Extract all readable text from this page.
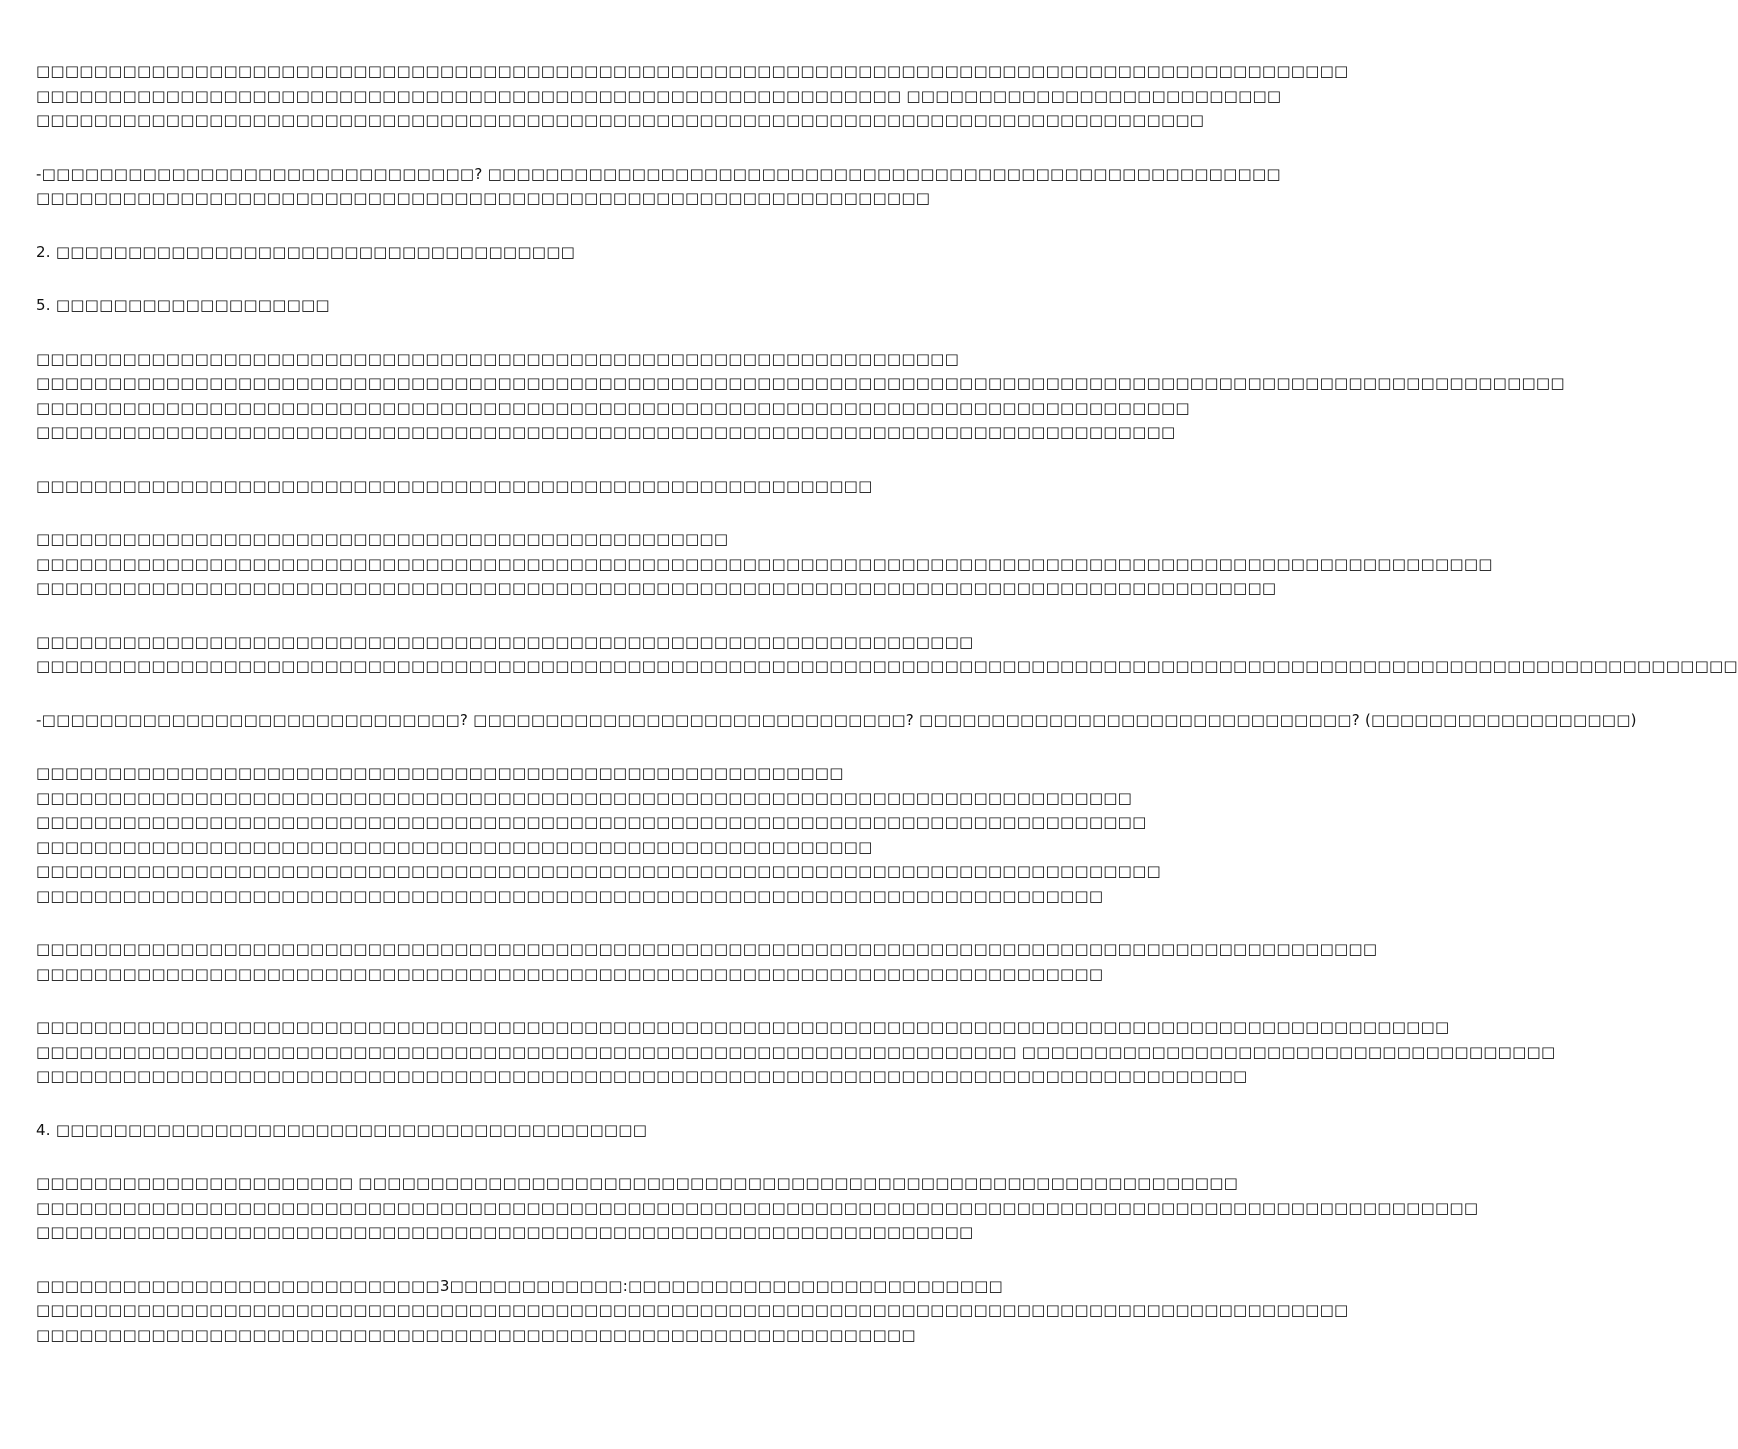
□□□□□□□□□□□□□□□□□□□□□□□□□□□□□□□□□□□□□□□□□□□□□□□□□□□□□□□□□□□□□□□□□□□□□□□□□□□□□□□□□□□□□□□□□□□
□□□□□□□□□□□□□□□□□□□□□□□□□□□□□□□□□□□□□□□□□□□□□□□□□□□□□□□□□□□□ □□□□□□□□□□□□□□□□□□□□□□□□□□
□□□□□□□□□□□□□□□□□□□□□□□□□□□□□□□□□□□□□□□□□□□□□□□□□□□□□□□□□□□□□□□□□□□□□□□□□□□□□□□□□
-□□□□□□□□□□□□□□□□□□□□□□□□□□□□□□? □□□□□□□□□□□□□□□□□□□□□□□□□□□□□□□□□□□□□□□□□□□□□□□□□□□□□□□
□□□□□□□□□□□□□□□□□□□□□□□□□□□□□□□□□□□□□□□□□□□□□□□□□□□□□□□□□□□□□□
2. □□□□□□□□□□□□□□□□□□□□□□□□□□□□□□□□□□□□
5. □□□□□□□□□□□□□□□□□□□
□□□□□□□□□□□□□□□□□□□□□□□□□□□□□□□□□□□□□□□□□□□□□□□□□□□□□□□□□□□□□□□□
□□□□□□□□□□□□□□□□□□□□□□□□□□□□□□□□□□□□□□□□□□□□□□□□□□□□□□□□□□□□□□□□□□□□□□□□□□□□□□□□□□□□□□□□□□□□□□□□□□□□□□□□□□
□□□□□□□□□□□□□□□□□□□□□□□□□□□□□□□□□□□□□□□□□□□□□□□□□□□□□□□□□□□□□□□□□□□□□□□□□□□□□□□□
□□□□□□□□□□□□□□□□□□□□□□□□□□□□□□□□□□□□□□□□□□□□□□□□□□□□□□□□□□□□□□□□□□□□□□□□□□□□□□□
□□□□□□□□□□□□□□□□□□□□□□□□□□□□□□□□□□□□□□□□□□□□□□□□□□□□□□□□□□
□□□□□□□□□□□□□□□□□□□□□□□□□□□□□□□□□□□□□□□□□□□□□□□□
□□□□□□□□□□□□□□□□□□□□□□□□□□□□□□□□□□□□□□□□□□□□□□□□□□□□□□□□□□□□□□□□□□□□□□□□□□□□□□□□□□□□□□□□□□□□□□□□□□□□□
□□□□□□□□□□□□□□□□□□□□□□□□□□□□□□□□□□□□□□□□□□□□□□□□□□□□□□□□□□□□□□□□□□□□□□□□□□□□□□□□□□□□□□
□□□□□□□□□□□□□□□□□□□□□□□□□□□□□□□□□□□□□□□□□□□□□□□□□□□□□□□□□□□□□□□□□
□□□□□□□□□□□□□□□□□□□□□□□□□□□□□□□□□□□□□□□□□□□□□□□□□□□□□□□□□□□□□□□□□□□□□□□□□□□□□□□□□□□□□□□□□□□□□□□□□□□□□□□□□□□□□□□□□□□□□□
-□□□□□□□□□□□□□□□□□□□□□□□□□□□□□? □□□□□□□□□□□□□□□□□□□□□□□□□□□□□□? □□□□□□□□□□□□□□□□□□□□□□□□□□□□□□? (□□□□□□□□□□□□□□□□□□)
□□□□□□□□□□□□□□□□□□□□□□□□□□□□□□□□□□□□□□□□□□□□□□□□□□□□□□□□
□□□□□□□□□□□□□□□□□□□□□□□□□□□□□□□□□□□□□□□□□□□□□□□□□□□□□□□□□□□□□□□□□□□□□□□□□□□□
□□□□□□□□□□□□□□□□□□□□□□□□□□□□□□□□□□□□□□□□□□□□□□□□□□□□□□□□□□□□□□□□□□□□□□□□□□□□□
□□□□□□□□□□□□□□□□□□□□□□□□□□□□□□□□□□□□□□□□□□□□□□□□□□□□□□□□□□
□□□□□□□□□□□□□□□□□□□□□□□□□□□□□□□□□□□□□□□□□□□□□□□□□□□□□□□□□□□□□□□□□□□□□□□□□□□□□□
□□□□□□□□□□□□□□□□□□□□□□□□□□□□□□□□□□□□□□□□□□□□□□□□□□□□□□□□□□□□□□□□□□□□□□□□□□
□□□□□□□□□□□□□□□□□□□□□□□□□□□□□□□□□□□□□□□□□□□□□□□□□□□□□□□□□□□□□□□□□□□□□□□□□□□□□□□□□□□□□□□□□□□□□
□□□□□□□□□□□□□□□□□□□□□□□□□□□□□□□□□□□□□□□□□□□□□□□□□□□□□□□□□□□□□□□□□□□□□□□□□□
□□□□□□□□□□□□□□□□□□□□□□□□□□□□□□□□□□□□□□□□□□□□□□□□□□□□□□□□□□□□□□□□□□□□□□□□□□□□□□□□□□□□□□□□□□□□□□□□□□
□□□□□□□□□□□□□□□□□□□□□□□□□□□□□□□□□□□□□□□□□□□□□□□□□□□□□□□□□□□□□□□□□□□□ □□□□□□□□□□□□□□□□□□□□□□□□□□□□□□□□□□□□□
□□□□□□□□□□□□□□□□□□□□□□□□□□□□□□□□□□□□□□□□□□□□□□□□□□□□□□□□□□□□□□□□□□□□□□□□□□□□□□□□□□□□
4. □□□□□□□□□□□□□□□□□□□□□□□□□□□□□□□□□□□□□□□□□
□□□□□□□□□□□□□□□□□□□□□□ □□□□□□□□□□□□□□□□□□□□□□□□□□□□□□□□□□□□□□□□□□□□□□□□□□□□□□□□□□□□□
□□□□□□□□□□□□□□□□□□□□□□□□□□□□□□□□□□□□□□□□□□□□□□□□□□□□□□□□□□□□□□□□□□□□□□□□□□□□□□□□□□□□□□□□□□□□□□□□□□□□
□□□□□□□□□□□□□□□□□□□□□□□□□□□□□□□□□□□□□□□□□□□□□□□□□□□□□□□□□□□□□□□□□
□□□□□□□□□□□□□□□□□□□□□□□□□□□□3□□□□□□□□□□□□:□□□□□□□□□□□□□□□□□□□□□□□□□□
□□□□□□□□□□□□□□□□□□□□□□□□□□□□□□□□□□□□□□□□□□□□□□□□□□□□□□□□□□□□□□□□□□□□□□□□□□□□□□□□□□□□□□□□□□□
□□□□□□□□□□□□□□□□□□□□□□□□□□□□□□□□□□□□□□□□□□□□□□□□□□□□□□□□□□□□□
